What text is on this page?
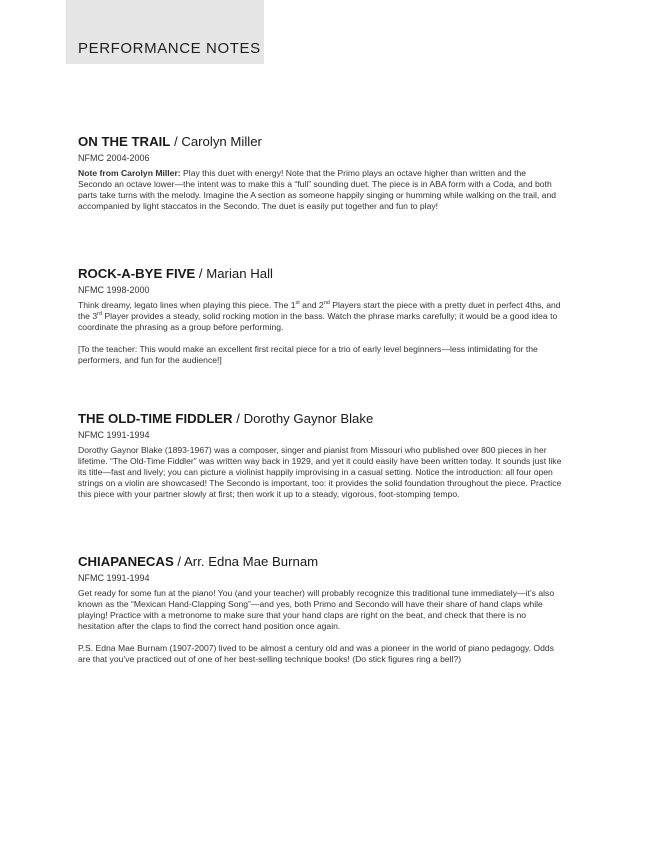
PERFORMANCE NOTES
ON THE TRAIL / Carolyn Miller
NFMC 2004-2006

Note from Carolyn Miller: Play this duet with energy! Note that the Primo plays an octave higher than written and the Secondo an octave lower—the intent was to make this a “full” sounding duet. The piece is in ABA form with a Coda, and both parts take turns with the melody. Imagine the A section as someone happily singing or humming while walking on the trail, and accompanied by light staccatos in the Secondo. The duet is easily put together and fun to play!

ROCK-A-BYE FIVE / Marian Hall
NFMC 1998-2000

Think dreamy, legato lines when playing this piece. The 1st and 2nd Players start the piece with a pretty duet in perfect 4ths, and the 3rd Player provides a steady, solid rocking motion in the bass. Watch the phrase marks carefully; it would be a good idea to coordinate the phrasing as a group before performing.

[To the teacher: This would make an excellent first recital piece for a trio of early level beginners—less intimidating for the performers, and fun for the audience!]

THE OLD-TIME FIDDLER / Dorothy Gaynor Blake
NFMC 1991-1994

Dorothy Gaynor Blake (1893-1967) was a composer, singer and pianist from Missouri who published over 800 pieces in her lifetime. “The Old-Time Fiddler” was written way back in 1929, and yet it could easily have been written today. It sounds just like its title—fast and lively; you can picture a violinist happily improvising in a casual setting. Notice the introduction: all four open strings on a violin are showcased! The Secondo is important, too: it provides the solid foundation throughout the piece. Practice this piece with your partner slowly at first; then work it up to a steady, vigorous, foot-stomping tempo.

CHIAPANECAS / Arr. Edna Mae Burnam
NFMC 1991-1994

Get ready for some fun at the piano! You (and your teacher) will probably recognize this traditional tune immediately—it’s also known as the “Mexican Hand-Clapping Song”—and yes, both Primo and Secondo will have their share of hand claps while playing! Practice with a metronome to make sure that your hand claps are right on the beat, and check that there is no hesitation after the claps to find the correct hand position once again.

P.S. Edna Mae Burnam (1907-2007) lived to be almost a century old and was a pioneer in the world of piano pedagogy. Odds are that you’ve practiced out of one of her best-selling technique books! (Do stick figures ring a bell?)
